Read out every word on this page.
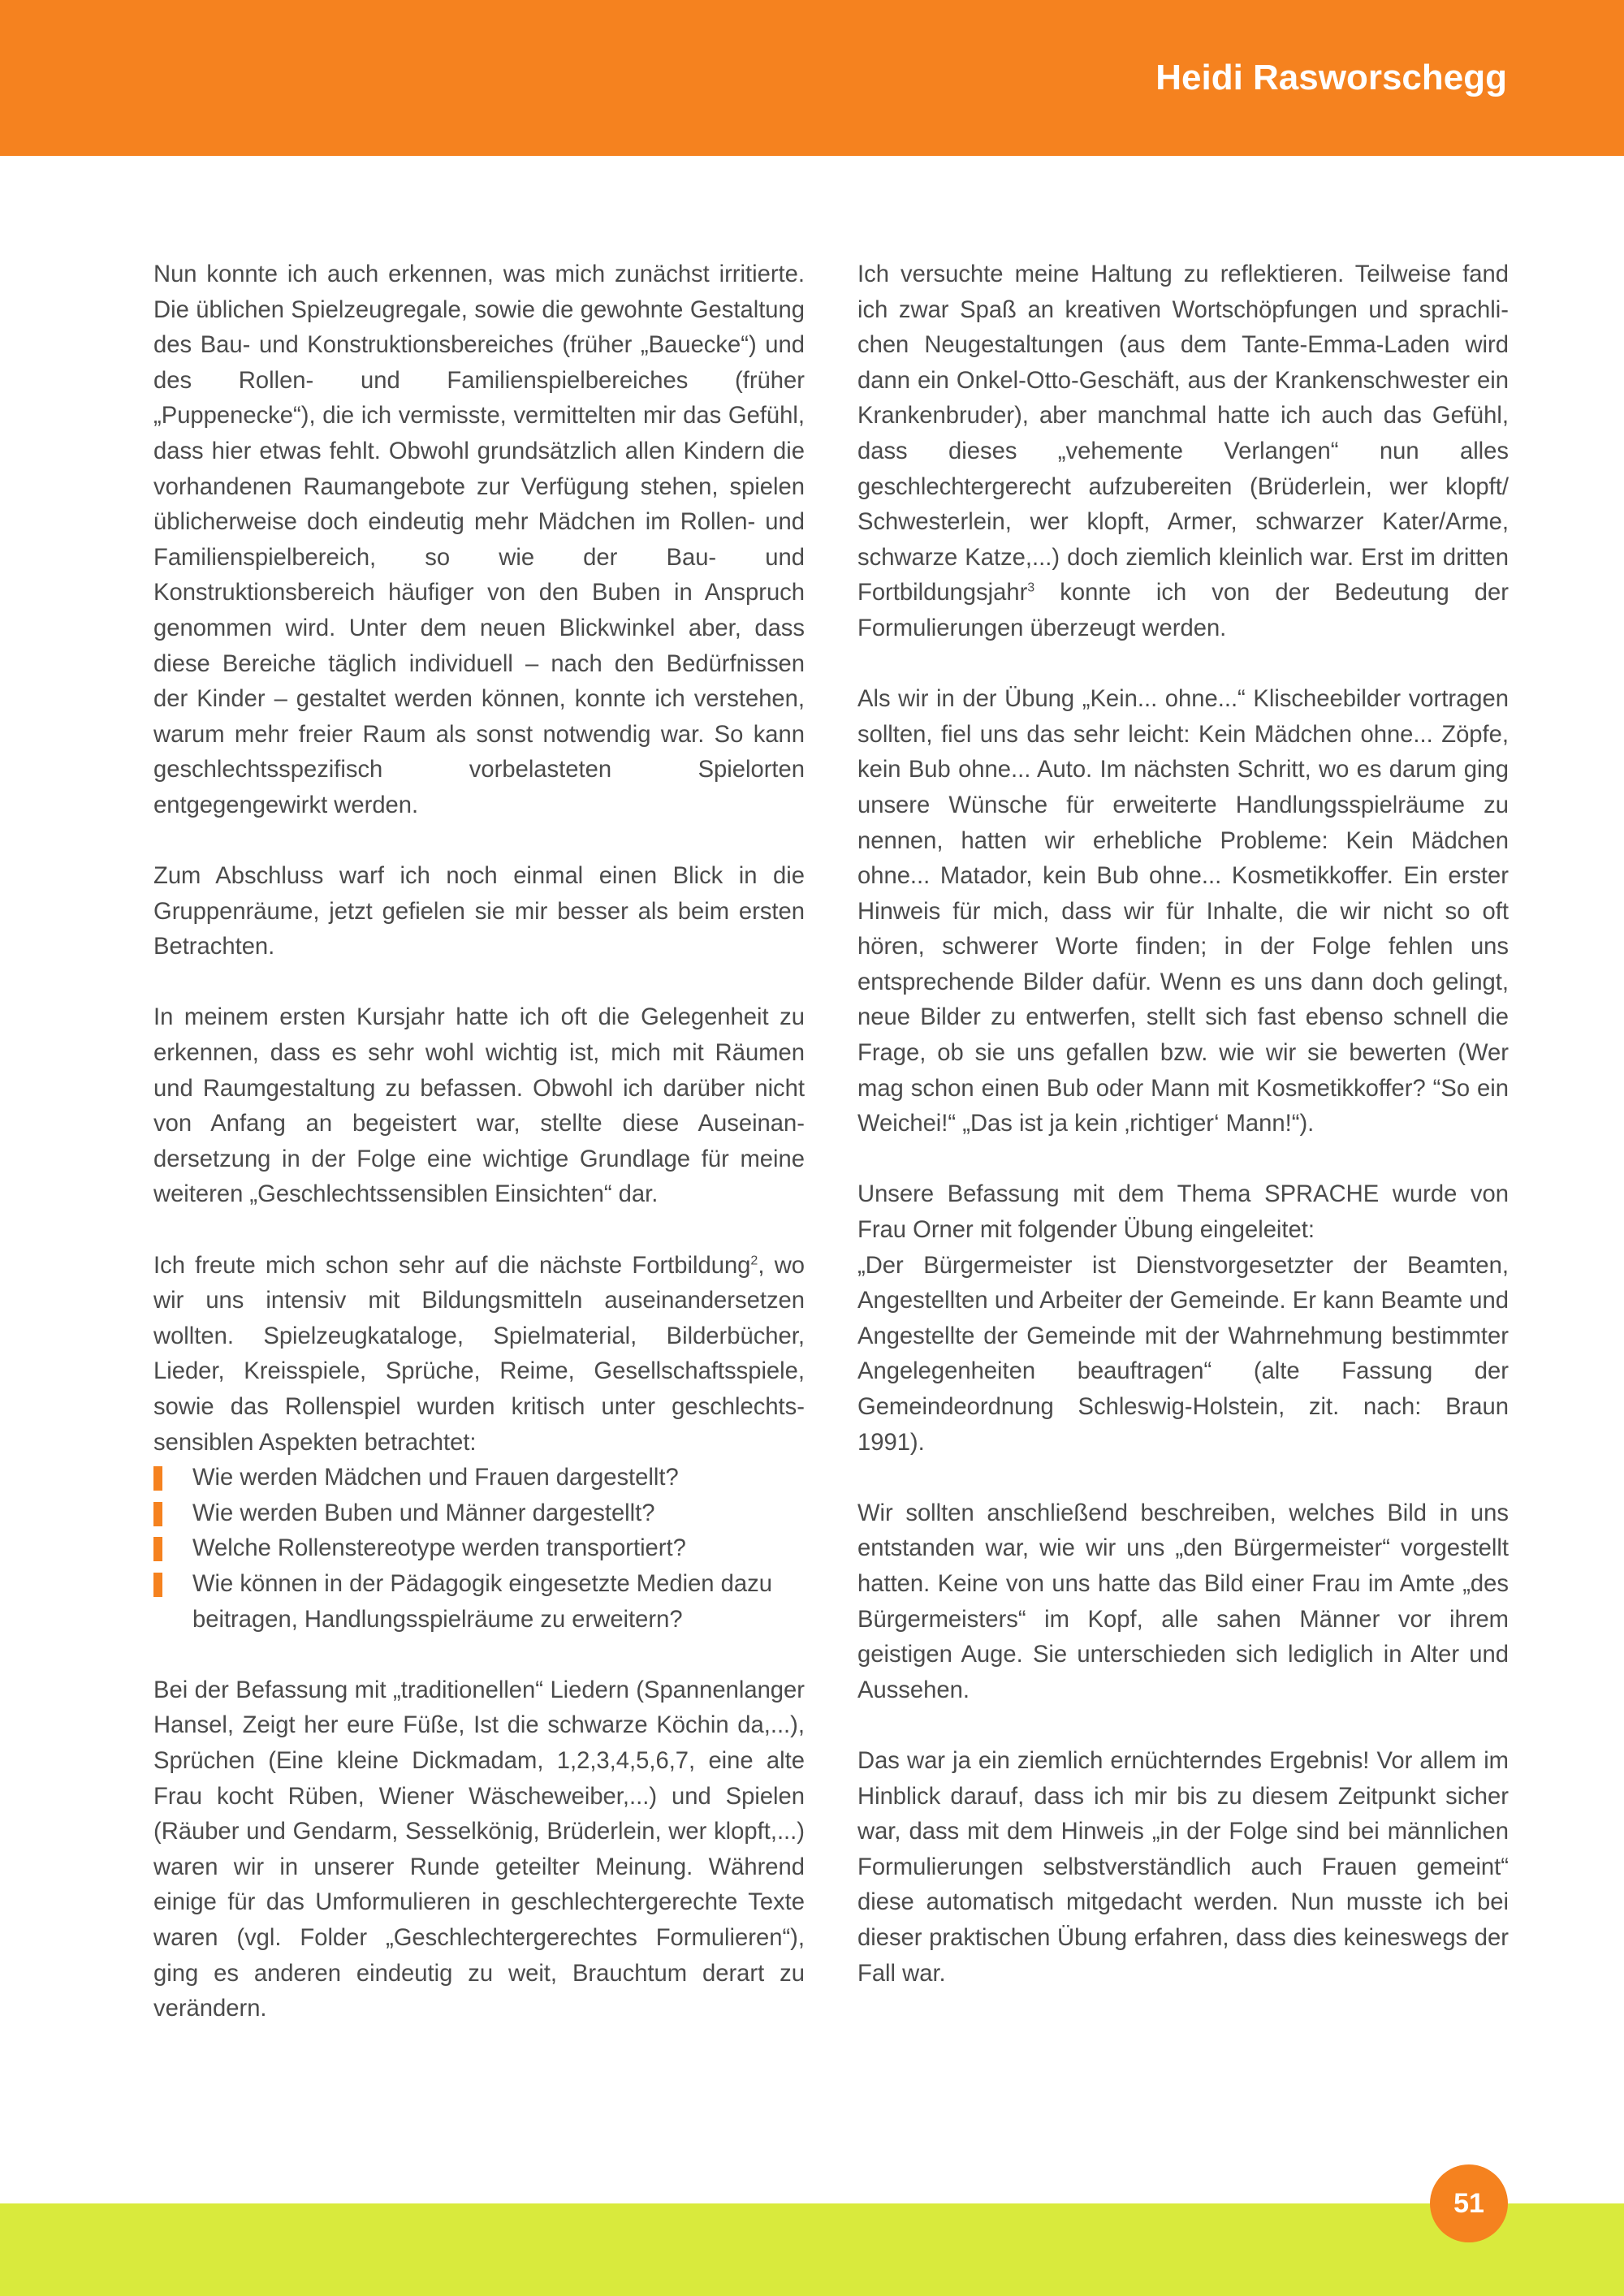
Heidi Rasworschegg

Nun konnte ich auch erkennen, was mich zunächst irritierte. Die üblichen Spielzeugregale, sowie die gewohnte Gestaltung des Bau- und Konstruktionsbereiches (früher „Bauecke“) und des Rollen- und Familienspielbereiches (früher „Puppenecke“), die ich vermisste, vermittelten mir das Gefühl, dass hier etwas fehlt. Obwohl grundsätzlich allen Kindern die vorhandenen Raumangebote zur Verfügung stehen, spielen üblicherweise doch eindeutig mehr Mädchen im Rollen- und Familienspielbereich, so wie der Bau- und Konstruktionsbereich häufiger von den Buben in Anspruch genommen wird. Unter dem neuen Blickwinkel aber, dass diese Bereiche täglich individuell – nach den Bedürfnissen der Kinder – gestaltet werden können, konnte ich verstehen, warum mehr freier Raum als sonst notwendig war. So kann geschlechtsspezifisch vorbelasteten Spielorten entgegengewirkt werden.

Zum Abschluss warf ich noch einmal einen Blick in die Gruppenräume, jetzt gefielen sie mir besser als beim ersten Betrachten.

In meinem ersten Kursjahr hatte ich oft die Gelegenheit zu erkennen, dass es sehr wohl wichtig ist, mich mit Räumen und Raumgestaltung zu befassen. Obwohl ich darüber nicht von Anfang an begeistert war, stellte diese Auseinandersetzung in der Folge eine wichtige Grundlage für meine weiteren „Geschlechtssensiblen Einsichten“ dar.

Ich freute mich schon sehr auf die nächste Fortbildung$^2$, wo wir uns intensiv mit Bildungsmitteln auseinandersetzen wollten. Spielzeugkataloge, Spielmaterial, Bilderbücher, Lieder, Kreisspiele, Sprüche, Reime, Gesellschaftsspiele, sowie das Rollenspiel wurden kritisch unter geschlechtssensiblen Aspekten betrachtet:

Wie werden Mädchen und Frauen dargestellt?
Wie werden Buben und Männer dargestellt?
Welche Rollenstereotype werden transportiert?
Wie können in der Pädagogik eingesetzte Medien dazu beitragen, Handlungsspielräume zu erweitern?

Bei der Befassung mit „traditionellen“ Liedern (Spannenlanger Hansel, Zeigt her eure Füße, Ist die schwarze Köchin da,...), Sprüchen (Eine kleine Dickmadam, 1,2,3,4,5,6,7, eine alte Frau kocht Rüben, Wiener Wäscheweiber,...) und Spielen (Räuber und Gendarm, Sesselkönig, Brüderlein, wer klopft,...) waren wir in unserer Runde geteilter Meinung. Während einige für das Umformulieren in geschlechtergerechte Texte waren (vgl. Folder „Geschlechtergerechtes Formulieren“), ging es anderen eindeutig zu weit, Brauchtum derart zu verändern.

Ich versuchte meine Haltung zu reflektieren. Teilweise fand ich zwar Spaß an kreativen Wortschöpfungen und sprachlichen Neugestaltungen (aus dem Tante-Emma-Laden wird dann ein Onkel-Otto-Geschäft, aus der Krankenschwester ein Krankenbruder), aber manchmal hatte ich auch das Gefühl, dass dieses „vehemente Verlangen“ nun alles geschlechtergerecht aufzubereiten (Brüderlein, wer klopft/ Schwesterlein, wer klopft, Armer, schwarzer Kater/Arme, schwarze Katze,...) doch ziemlich kleinlich war. Erst im dritten Fortbildungsjahr$^3$ konnte ich von der Bedeutung der Formulierungen überzeugt werden.

Als wir in der Übung „Kein... ohne...“ Klischeebilder vortragen sollten, fiel uns das sehr leicht: Kein Mädchen ohne... Zöpfe, kein Bub ohne... Auto. Im nächsten Schritt, wo es darum ging unsere Wünsche für erweiterte Handlungsspielräume zu nennen, hatten wir erhebliche Probleme: Kein Mädchen ohne... Matador, kein Bub ohne... Kosmetikkoffer. Ein erster Hinweis für mich, dass wir für Inhalte, die wir nicht so oft hören, schwerer Worte finden; in der Folge fehlen uns entsprechende Bilder dafür. Wenn es uns dann doch gelingt, neue Bilder zu entwerfen, stellt sich fast ebenso schnell die Frage, ob sie uns gefallen bzw. wie wir sie bewerten (Wer mag schon einen Bub oder Mann mit Kosmetikkoffer? “So ein Weichei!“ „Das ist ja kein ‚richtiger‘ Mann!“).

Unsere Befassung mit dem Thema SPRACHE wurde von Frau Orner mit folgender Übung eingeleitet:

„Der Bürgermeister ist Dienstvorgesetzter der Beamten, Angestellten und Arbeiter der Gemeinde. Er kann Beamte und Angestellte der Gemeinde mit der Wahrnehmung bestimmter Angelegenheiten beauftragen“ (alte Fassung der Gemeindeordnung Schleswig-Holstein, zit. nach: Braun 1991).

Wir sollten anschließend beschreiben, welches Bild in uns entstanden war, wie wir uns „den Bürgermeister“ vorgestellt hatten. Keine von uns hatte das Bild einer Frau im Amte „des Bürgermeisters“ im Kopf, alle sahen Männer vor ihrem geistigen Auge. Sie unterschieden sich lediglich in Alter und Aussehen.

Das war ja ein ziemlich ernüchterndes Ergebnis! Vor allem im Hinblick darauf, dass ich mir bis zu diesem Zeitpunkt sicher war, dass mit dem Hinweis „in der Folge sind bei männlichen Formulierungen selbstverständlich auch Frauen gemeint“ diese automatisch mitgedacht werden. Nun musste ich bei dieser praktischen Übung erfahren, dass dies keineswegs der Fall war.

51
